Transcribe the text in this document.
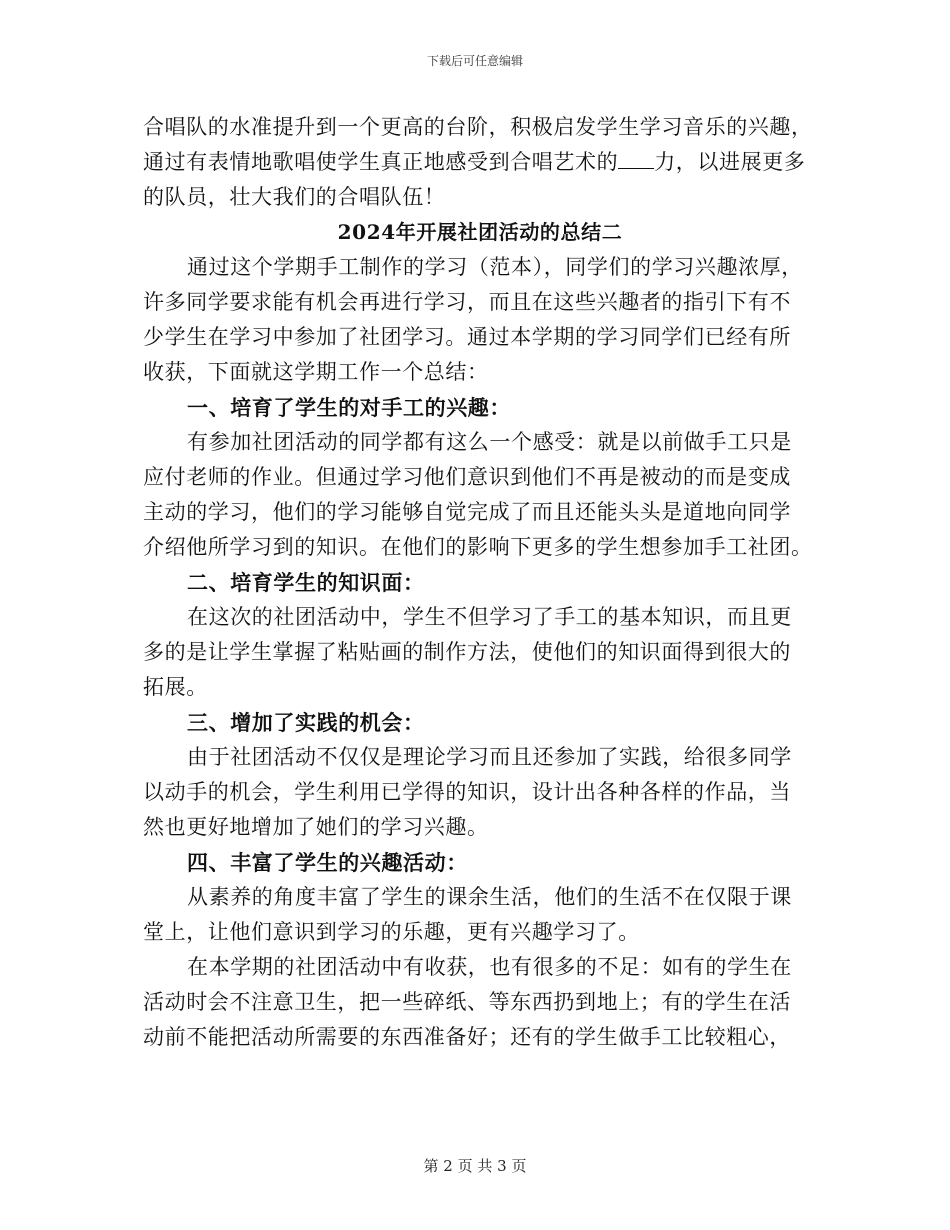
下载后可任意编辑
合唱队的水准提升到一个更高的台阶，积极启发学生学习音乐的兴趣，
通过有表情地歌唱使学生真正地感受到合唱艺术的 力，以进展更多
的队员，壮大我们的合唱队伍！
2024年开展社团活动的总结二
通过这个学期手工制作的学习（范本），同学们的学习兴趣浓厚，
许多同学要求能有机会再进行学习，而且在这些兴趣者的指引下有不
少学生在学习中参加了社团学习。通过本学期的学习同学们已经有所
收获，下面就这学期工作一个总结：
一、培育了学生的对手工的兴趣：
有参加社团活动的同学都有这么一个感受：就是以前做手工只是
应付老师的作业。但通过学习他们意识到他们不再是被动的而是变成
主动的学习，他们的学习能够自觉完成了而且还能头头是道地向同学
介绍他所学习到的知识。在他们的影响下更多的学生想参加手工社团。
二、培育学生的知识面：
在这次的社团活动中，学生不但学习了手工的基本知识，而且更
多的是让学生掌握了粘贴画的制作方法，使他们的知识面得到很大的
拓展。
三、增加了实践的机会：
由于社团活动不仅仅是理论学习而且还参加了实践，给很多同学
以动手的机会，学生利用已学得的知识，设计出各种各样的作品，当
然也更好地增加了她们的学习兴趣。
四、丰富了学生的兴趣活动：
从素养的角度丰富了学生的课余生活，他们的生活不在仅限于课
堂上，让他们意识到学习的乐趣，更有兴趣学习了。
在本学期的社团活动中有收获，也有很多的不足：如有的学生在
活动时会不注意卫生，把一些碎纸、等东西扔到地上；有的学生在活
动前不能把活动所需要的东西准备好；还有的学生做手工比较粗心，
第 2 页 共 3 页
